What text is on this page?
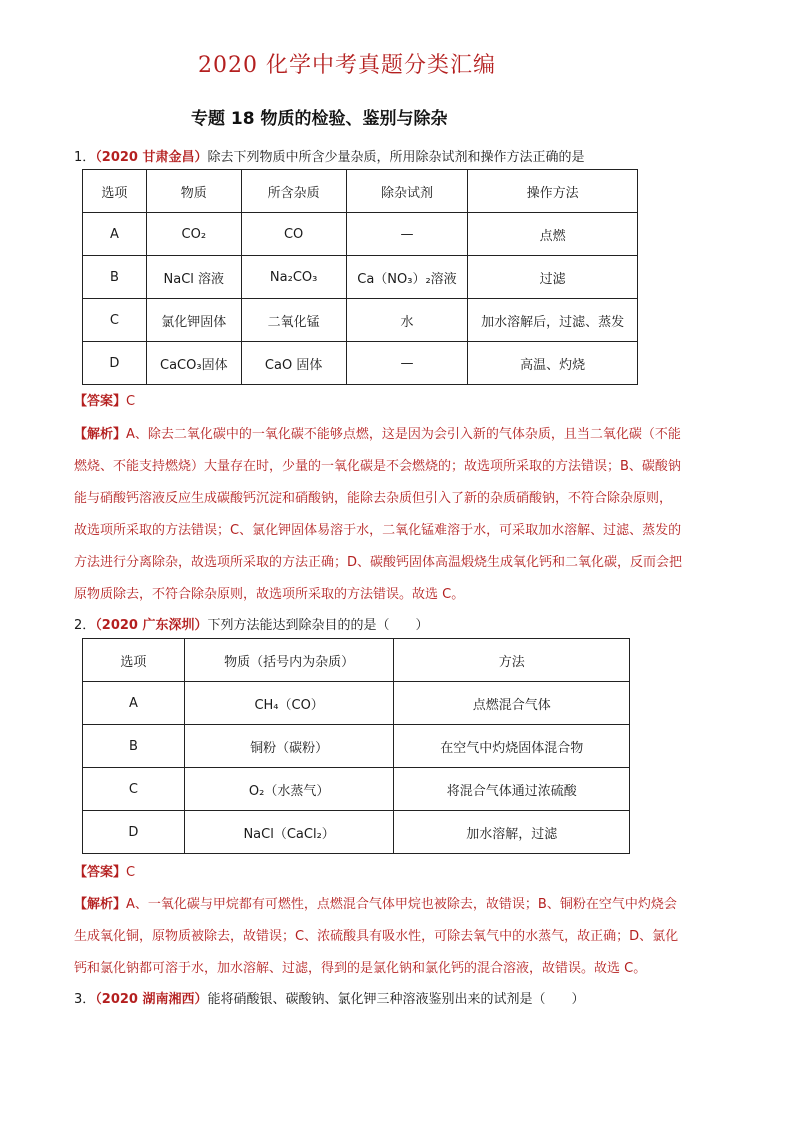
2020 化学中考真题分类汇编
专题 18 物质的检验、鉴别与除杂
1．（2020 甘肃金昌）除去下列物质中所含少量杂质，所用除杂试剂和操作方法正确的是
选项	物质	所含杂质	除杂试剂	操作方法
A	CO₂	CO	—	点燃
B	NaCl 溶液	Na₂CO₃	Ca（NO₃）₂溶液	过滤
C	氯化钾固体	二氧化锰	水	加水溶解后，过滤、蒸发
D	CaCO₃固体	CaO 固体	—	高温、灼烧
【答案】C
【解析】A、除去二氧化碳中的一氧化碳不能够点燃，这是因为会引入新的气体杂质，且当二氧化碳（不能
燃烧、不能支持燃烧）大量存在时，少量的一氧化碳是不会燃烧的；故选项所采取的方法错误；B、碳酸钠
能与硝酸钙溶液反应生成碳酸钙沉淀和硝酸钠，能除去杂质但引入了新的杂质硝酸钠，不符合除杂原则，
故选项所采取的方法错误；C、氯化钾固体易溶于水，二氧化锰难溶于水，可采取加水溶解、过滤、蒸发的
方法进行分离除杂，故选项所采取的方法正确；D、碳酸钙固体高温煅烧生成氧化钙和二氧化碳，反而会把
原物质除去，不符合除杂原则，故选项所采取的方法错误。故选 C。
2．（2020 广东深圳）下列方法能达到除杂目的的是（　　）
选项	物质（括号内为杂质）	方法
A	CH₄（CO）	点燃混合气体
B	铜粉（碳粉）	在空气中灼烧固体混合物
C	O₂（水蒸气）	将混合气体通过浓硫酸
D	NaCl（CaCl₂）	加水溶解，过滤
【答案】C
【解析】A、一氧化碳与甲烷都有可燃性，点燃混合气体甲烷也被除去，故错误；B、铜粉在空气中灼烧会
生成氧化铜，原物质被除去，故错误；C、浓硫酸具有吸水性，可除去氧气中的水蒸气，故正确；D、氯化
钙和氯化钠都可溶于水，加水溶解、过滤，得到的是氯化钠和氯化钙的混合溶液，故错误。故选 C。
3．（2020 湖南湘西）能将硝酸银、碳酸钠、氯化钾三种溶液鉴别出来的试剂是（　　）
